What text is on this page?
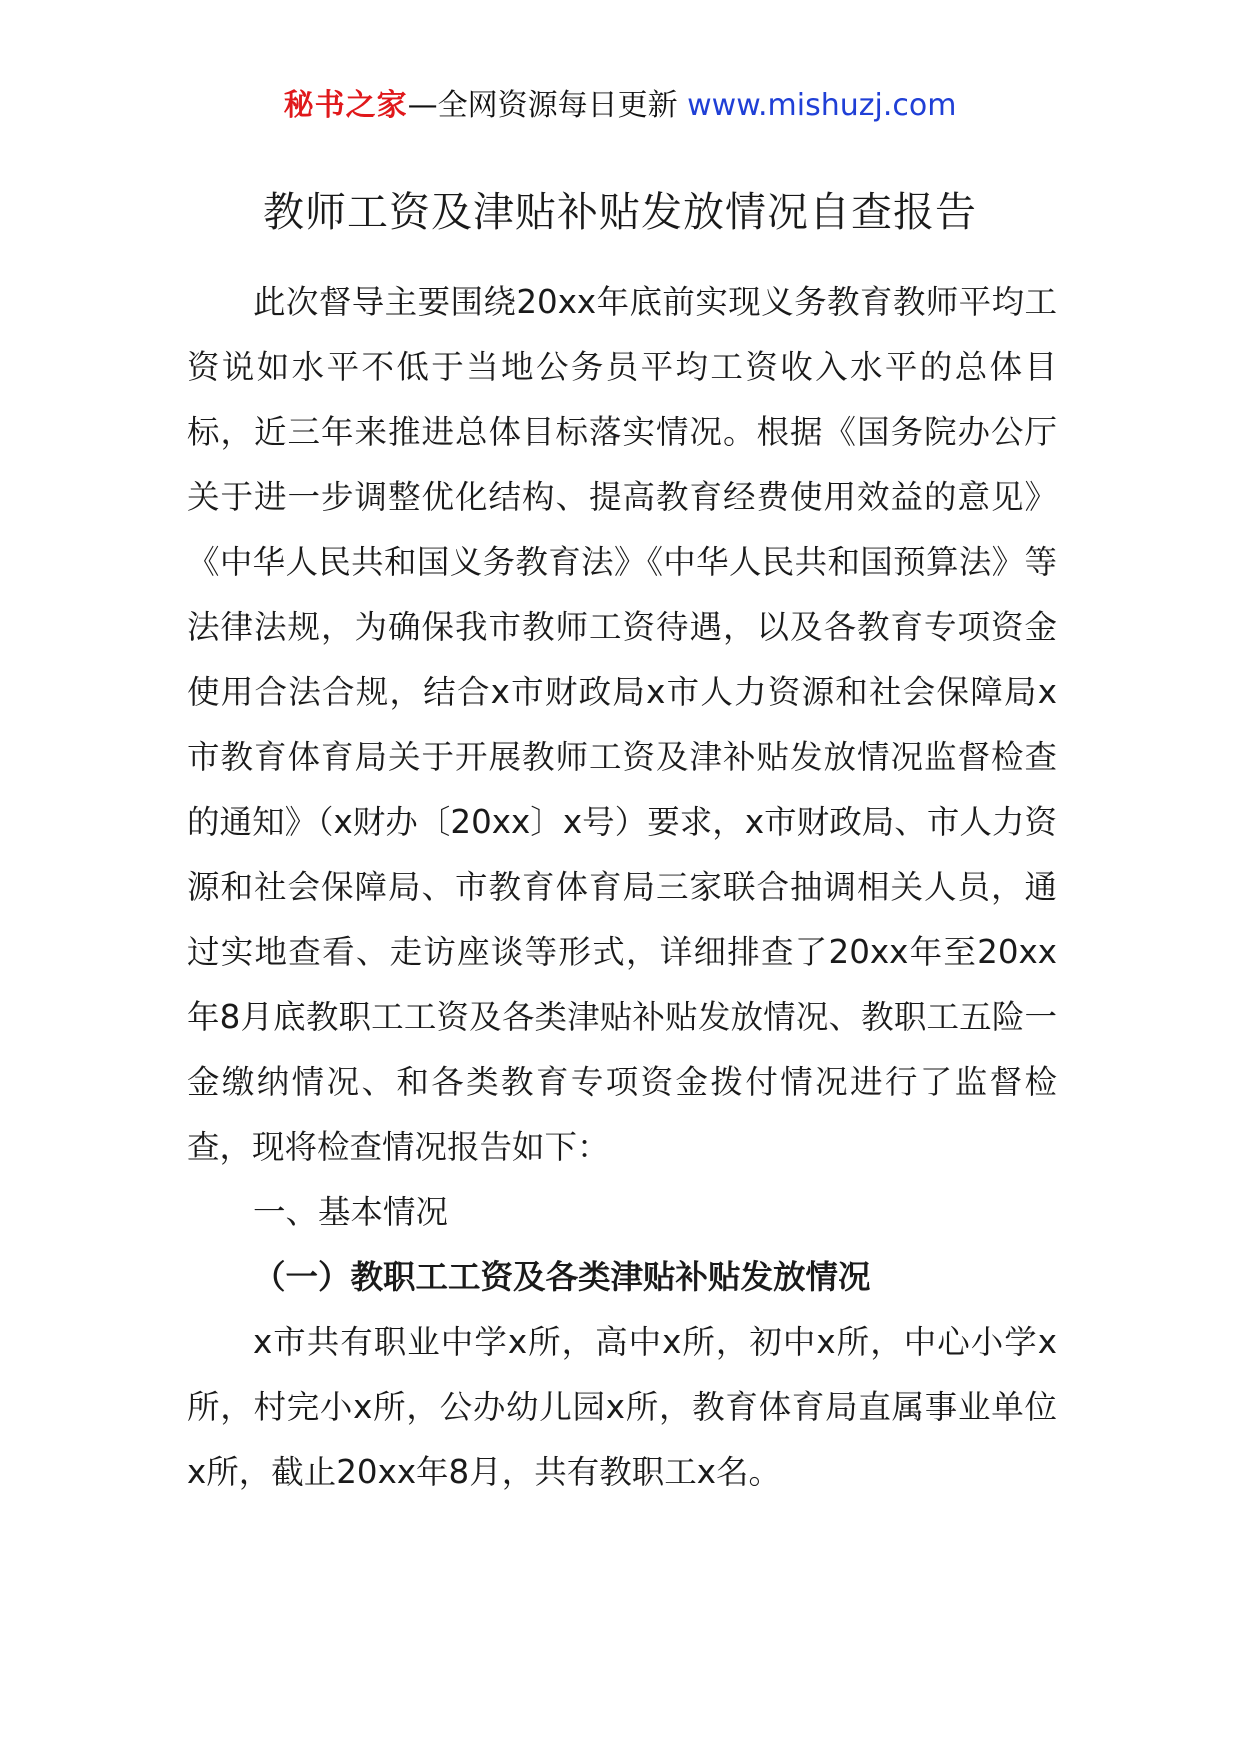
秘书之家—全网资源每日更新 www.mishuzj.com
教师工资及津贴补贴发放情况自查报告

此次督导主要围绕20xx年底前实现义务教育教师平均工资说如水平不低于当地公务员平均工资收入水平的总体目标，近三年来推进总体目标落实情况。根据《国务院办公厅关于进一步调整优化结构、提高教育经费使用效益的意见》《中华人民共和国义务教育法》《中华人民共和国预算法》等法律法规，为确保我市教师工资待遇，以及各教育专项资金使用合法合规，结合x市财政局x市人力资源和社会保障局x市教育体育局关于开展教师工资及津补贴发放情况监督检查的通知》（x财办〔20xx〕x号）要求，x市财政局、市人力资源和社会保障局、市教育体育局三家联合抽调相关人员，通过实地查看、走访座谈等形式，详细排查了20xx年至20xx年8月底教职工工资及各类津贴补贴发放情况、教职工五险一金缴纳情况、和各类教育专项资金拨付情况进行了监督检查，现将检查情况报告如下：

一、基本情况

（一）教职工工资及各类津贴补贴发放情况

x市共有职业中学x所，高中x所，初中x所，中心小学x所，村完小x所，公办幼儿园x所，教育体育局直属事业单位x所，截止20xx年8月，共有教职工x名。
